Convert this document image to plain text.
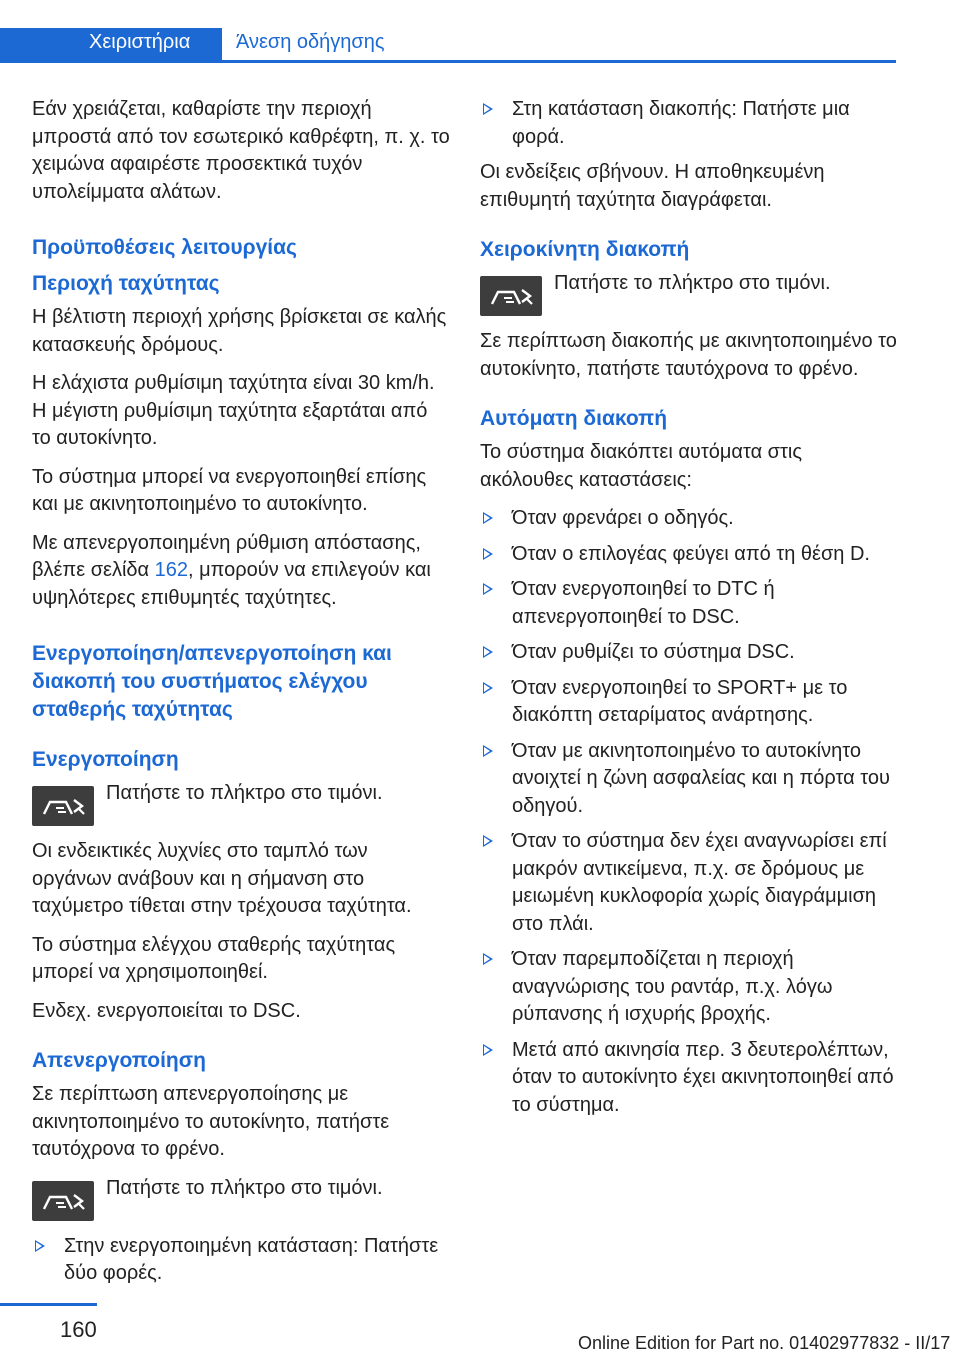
Χειριστήρια Άνεση οδήγησης

Εάν χρειάζεται, καθαρίστε την περιοχή μπροστά από τον εσωτερικό καθρέφτη, π. χ. το χειμώνα αφαιρέστε προσεκτικά τυχόν υπολείμματα αλάτων.

Προϋποθέσεις λειτουργίας
Περιοχή ταχύτητας

Η βέλτιστη περιοχή χρήσης βρίσκεται σε καλής κατασκευής δρόμους.

Η ελάχιστα ρυθμίσιμη ταχύτητα είναι 30 km/h. Η μέγιστη ρυθμίσιμη ταχύτητα εξαρτάται από το αυτοκίνητο.

Το σύστημα μπορεί να ενεργοποιηθεί επίσης και με ακινητοποιημένο το αυτοκίνητο.

Με απενεργοποιημένη ρύθμιση απόστασης, βλέπε σελίδα 162, μπορούν να επιλεγούν και υψηλότερες επιθυμητές ταχύτητες.

Ενεργοποίηση/απενεργοποίηση και διακοπή του συστήματος ελέγχου σταθερής ταχύτητας
Ενεργοποίηση

Πατήστε το πλήκτρο στο τιμόνι.

Οι ενδεικτικές λυχνίες στο ταμπλό των οργάνων ανάβουν και η σήμανση στο ταχύμετρο τίθεται στην τρέχουσα ταχύτητα.

Το σύστημα ελέγχου σταθερής ταχύτητας μπορεί να χρησιμοποιηθεί.

Ενδεχ. ενεργοποιείται το DSC.

Απενεργοποίηση

Σε περίπτωση απενεργοποίησης με ακινητοποιημένο το αυτοκίνητο, πατήστε ταυτόχρονα το φρένο.

Πατήστε το πλήκτρο στο τιμόνι.

Στην ενεργοποιημένη κατάσταση: Πατήστε δύο φορές.
Στη κατάσταση διακοπής: Πατήστε μια φορά.

Οι ενδείξεις σβήνουν. Η αποθηκευμένη επιθυμητή ταχύτητα διαγράφεται.

Χειροκίνητη διακοπή

Πατήστε το πλήκτρο στο τιμόνι.

Σε περίπτωση διακοπής με ακινητοποιημένο το αυτοκίνητο, πατήστε ταυτόχρονα το φρένο.

Αυτόματη διακοπή

Το σύστημα διακόπτει αυτόματα στις ακόλουθες καταστάσεις:

Όταν φρενάρει ο οδηγός.
Όταν ο επιλογέας φεύγει από τη θέση D.
Όταν ενεργοποιηθεί το DTC ή απενεργοποιηθεί το DSC.
Όταν ρυθμίζει το σύστημα DSC.
Όταν ενεργοποιηθεί το SPORT+ με το διακόπτη σεταρίματος ανάρτησης.
Όταν με ακινητοποιημένο το αυτοκίνητο ανοιχτεί η ζώνη ασφαλείας και η πόρτα του οδηγού.
Όταν το σύστημα δεν έχει αναγνωρίσει επί μακρόν αντικείμενα, π.χ. σε δρόμους με μειωμένη κυκλοφορία χωρίς διαγράμμιση στο πλάι.
Όταν παρεμποδίζεται η περιοχή αναγνώρισης του ραντάρ, π.χ. λόγω ρύπανσης ή ισχυρής βροχής.
Μετά από ακινησία περ. 3 δευτερολέπτων, όταν το αυτοκίνητο έχει ακινητοποιηθεί από το σύστημα.
160
Online Edition for Part no. 01402977832 - II/17
